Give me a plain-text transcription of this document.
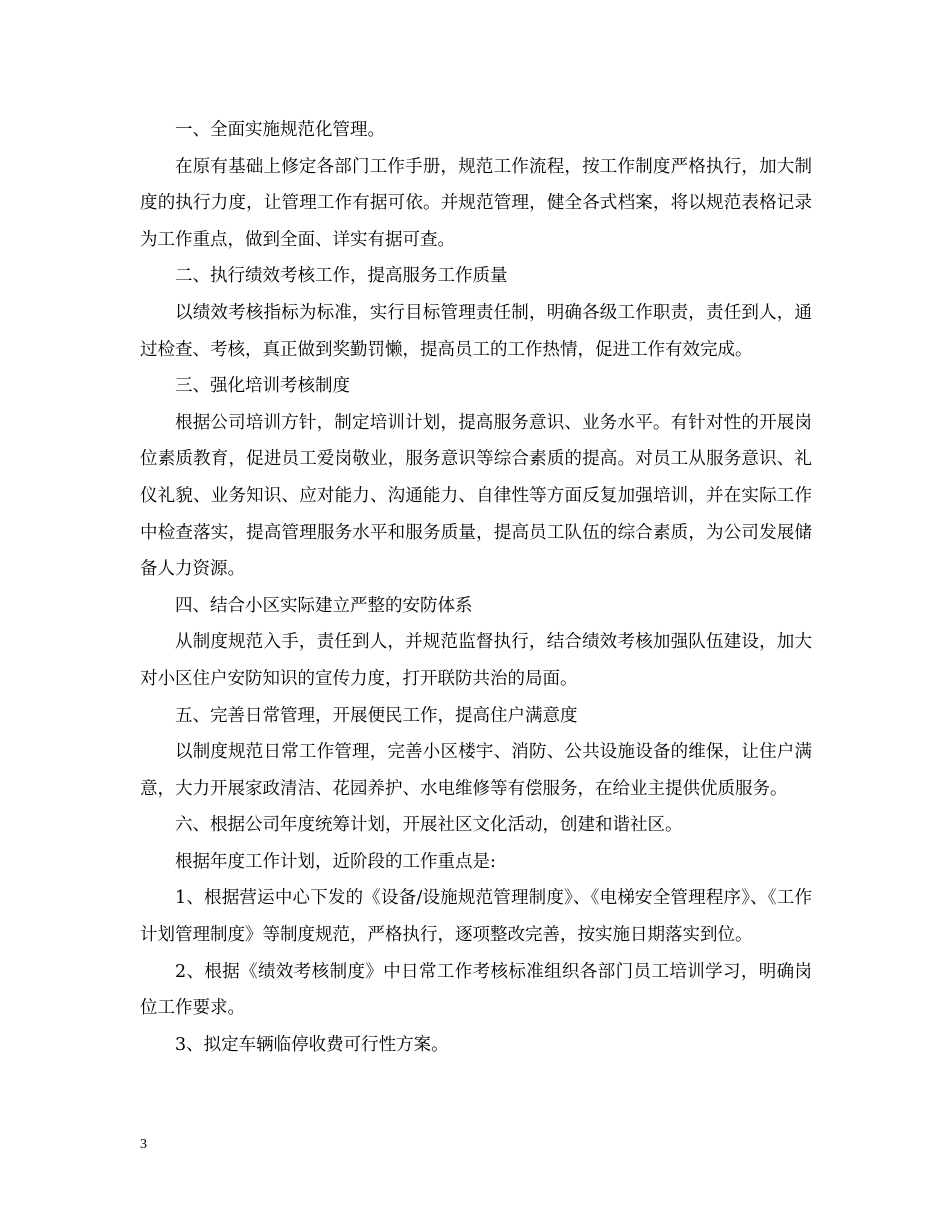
一、全面实施规范化管理。

在原有基础上修定各部门工作手册，规范工作流程，按工作制度严格执行，加大制度的执行力度，让管理工作有据可依。并规范管理，健全各式档案，将以规范表格记录为工作重点，做到全面、详实有据可查。

二、执行绩效考核工作，提高服务工作质量

以绩效考核指标为标准，实行目标管理责任制，明确各级工作职责，责任到人，通过检查、考核，真正做到奖勤罚懒，提高员工的工作热情，促进工作有效完成。

三、强化培训考核制度

根据公司培训方针，制定培训计划，提高服务意识、业务水平。有针对性的开展岗位素质教育，促进员工爱岗敬业，服务意识等综合素质的提高。对员工从服务意识、礼仪礼貌、业务知识、应对能力、沟通能力、自律性等方面反复加强培训，并在实际工作中检查落实，提高管理服务水平和服务质量，提高员工队伍的综合素质，为公司发展储备人力资源。

四、结合小区实际建立严整的安防体系

从制度规范入手，责任到人，并规范监督执行，结合绩效考核加强队伍建设，加大对小区住户安防知识的宣传力度，打开联防共治的局面。

五、完善日常管理，开展便民工作，提高住户满意度

以制度规范日常工作管理，完善小区楼宇、消防、公共设施设备的维保，让住户满意，大力开展家政清洁、花园养护、水电维修等有偿服务，在给业主提供优质服务。

六、根据公司年度统筹计划，开展社区文化活动，创建和谐社区。

根据年度工作计划，近阶段的工作重点是:

1、根据营运中心下发的《设备/设施规范管理制度》、《电梯安全管理程序》、《工作计划管理制度》等制度规范，严格执行，逐项整改完善，按实施日期落实到位。

2、根据《绩效考核制度》中日常工作考核标准组织各部门员工培训学习，明确岗位工作要求。

3、拟定车辆临停收费可行性方案。

3
